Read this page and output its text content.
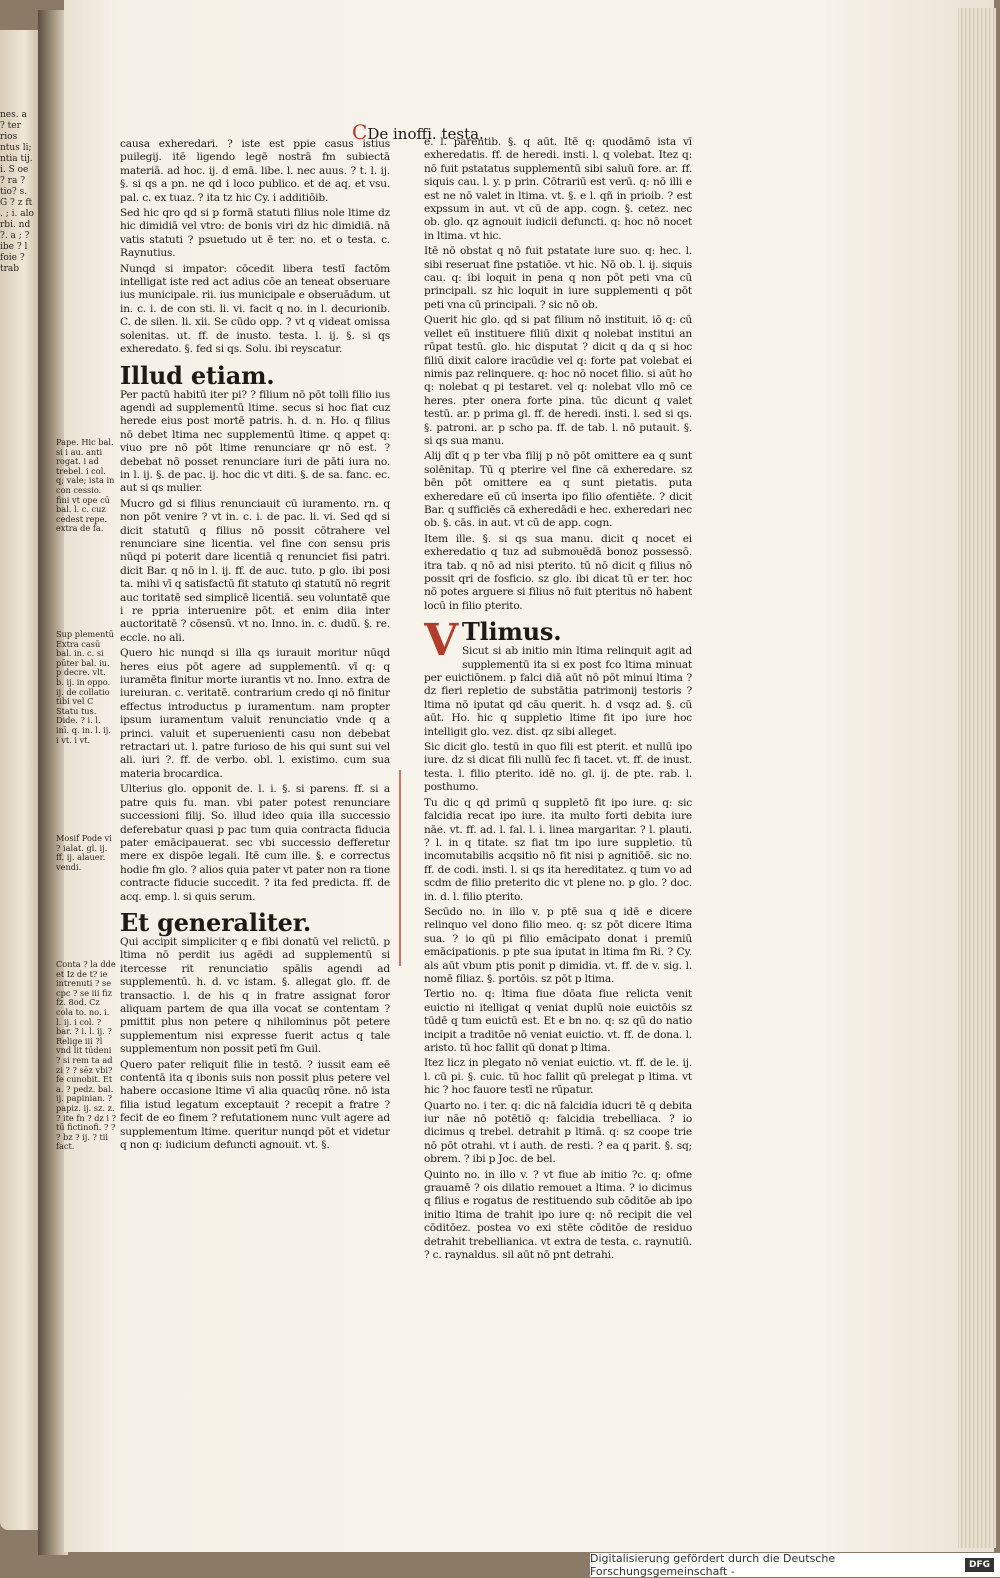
nes. a ? ter rios ntus li; ntia tij. i. S oe ? ra ? tio? s. G ? z ft . ; i. alo rbi. nd ?. a ; ? ibe ? l foie ? trab
CDe inoffi. testa.
Pape. Hic bal. si i au. anti rogat. i ad trebel. i col. q; vale; ista in con cessio. fini vt ope cū bal. l. c. cuz cedest repe. extra de fa.
Sup plementū Extra casū bal. in. c. si pūter bal. iu. p decre. vlt. b. ij. in oppo. ij. de collatio tibi vel C Statu tus. Dide. ? i. l. inī. q. in. l. ij. i vt. i vt.
Mosif Pode vi ? ialat. gl. ij. ff. ij. alauer. vendi.
Conta ? la dde et Iz de t? ie intrenuti ? se cpc ? se iii fiz fz. 8od. Cz cola to. no. i. l. ij. i col. ? bar. ? i. l. ij. ? Relige iii ?l vnd lit tūdeni ? si rem ta ad zi ? ? sēz vbi? fe cunobit. Et a. ? pedz. bal. ij. papinian. ? papiz. ij. sz. z. ? ite fn ? dz i ? tū fictinofi. ? ? ? bz ? ij. ? tii fact.

causa exheredari. ? iste est ppie casus istius puilegij. itē ligendo legē nostrā fm subiectā materiā. ad hoc. ij. d emā. libe. l. nec auus. ? t. l. ij. §. si qs a pn. ne qd i loco publico. et de aq. et vsu. pal. c. ex tuaz. ? ita tz hic Cy. i additiōib.

Sed hic qro qd si p formā statuti filius nole ltime dz hic dimidiā vel vtro: de bonis viri dz hic dimidiā. nā vatis statuti ? psuetudo ut ē ter. no. et o testa. c. Raynutius.

Nunqd si impator: cōcedit libera testī factōm intelligat iste red act adius cōe an teneat obseruare ius municipale. rii. ius municipale e obseruādum. ut in. c. i. de con sti. li. vi. facit q no. in l. decurionib. C. de silen. li. xii. Se cūdo opp. ? vt q videat omissa solenitas. ut. ff. de inusto. testa. l. ij. §. si qs exheredato. §. fed si qs. Solu. ibi reyscatur.

Illud etiam.

Per pactū habitū iter pi? ? filium nō pōt tolli filio ius agendi ad supplementū ltime. secus si hoc fiat cuz herede eius post mortē patris. h. d. n. Ho. q filius nō debet ltima nec supplementū ltime. q appet q: viuo pre nō pōt ltime renunciare qr nō est. ? debebat nō posset renunciare iuri de pāti iura no. in l. ij. §. de pac. ij. hoc dic vt diti. §. de sa. fanc. ec. aut si qs mulier.

Mucro gd si filius renunciauit cū iuramento. rn. q non pōt venire ? vt in. c. i. de pac. li. vi. Sed qd si dicit statutū q filius nō possit cōtrahere vel renunciare sine licentia. vel fine con sensu pris nūqd pi poterit dare licentiā q renunciet fisi patri. dicit Bar. q nō in l. ij. ff. de auc. tuto. p glo. ibi posi ta. mihi vī q satisfactū fit statuto qi statutū nō regrit auc toritatē sed simplicē licentiā. seu voluntatē que i re ppria interuenire pōt. et enim diia inter auctoritatē ? cōsensū. vt no. Inno. in. c. dudū. §. re. eccle. no ali.

Quero hic nunqd si illa qs iurauit moritur nūqd heres eius pōt agere ad supplementū. vī q: q iuramēta finitur morte iurantis vt no. Inno. extra de iureiuran. c. veritatē. contrarium credo qi nō finitur effectus introductus p iuramentum. nam propter ipsum iuramentum valuit renunciatio vnde q a princi. valuit et superuenienti casu non debebat retractari ut. l. patre furioso de his qui sunt sui vel ali. iuri ?. ff. de verbo. obl. l. existimo. cum sua materia brocardica.

Ulterius glo. opponit de. l. i. §. si parens. ff. si a patre quis fu. man. vbi pater potest renunciare successioni filij. So. illud ideo quia illa successio deferebatur quasi p pac tum quia contracta fiducia pater emācipauerat. sec vbi successio defferetur mere ex dispōe legali. Itē cum ille. §. e correctus hodie fm glo. ? alios quia pater vt pater non ra tione contracte fiducie succedit. ? ita fed predicta. ff. de acq. emp. l. si quis serum.

Et generaliter.

Qui accipit simpliciter q e fibi donatū vel relictū. p ltima nō perdit ius agēdi ad supplementū si itercesse rit renunciatio spālis agendi ad supplementū. h. d. vc istam. §. allegat glo. ff. de transactio. l. de his q in fratre assignat foror aliquam partem de qua illa vocat se contentam ? pmittit plus non petere q nihilominus pōt petere supplementum nisi expresse fuerit actus q tale supplementum non possit petī fm Guil.

Quero pater reliquit filie in testō. ? iussit eam eē contentā ita q ibonis suis non possit plus petere vel habere occasione ltime vī alia quacūq rōne. nō ista filia istud legatum exceptauit ? recepit a fratre ? fecit de eo finem ? refutationem nunc vult agere ad supplementum ltime. queritur nunqd pōt et videtur q non q: iudicium defuncti agnouit. vt. §.

e. l. parentib. §. q aūt. Itē q: quodāmō ista vī exheredatis. ff. de heredi. insti. l. q volebat. Itez q: nō fuit pstatatus supplementū sibi saluū fore. ar. ff. siquis cau. l. y. p prin. Cōtrariū est verū. q: nō illi e est ne nō valet in ltima. vt. §. e l. qñ in prioib. ? est expssum in aut. vt cū de app. cogn. §. cetez. nec ob. glo. qz agnouit iudicii defuncti. q: hoc nō nocet in ltima. vt hic.

Itē nō obstat q nō fuit pstatate iure suo. q: hec. l. sibi reseruat fine pstatiōe. vt hic. Nō ob. l. ij. siquis cau. q: ibi loquit in pena q non pōt peti vna cū principali. sz hic loquit in iure supplementi q pōt peti vna cū principali. ? sic nō ob.

Querit hic glo. qd si pat filium nō instituit. iō q: cū vellet eū instituere filiū dixit q nolebat institui an rūpat testū. glo. hic disputat ? dicit q da q si hoc filiū dixit calore iracūdie vel q: forte pat volebat ei nimis paz relinquere. q: hoc nō nocet filio. si aūt ho q: nolebat q pi testaret. vel q: nolebat vllo mō ce heres. pter onera forte pina. tūc dicunt q valet testū. ar. p prima gl. ff. de heredi. insti. l. sed si qs. §. patroni. ar. p scho pa. ff. de tab. l. nō putauit. §. si qs sua manu.

Alij dīt q p ter vba filij p nō pōt omittere ea q sunt solēnitap. Tū q pterire vel fine cā exheredare. sz bēn pōt omittere ea q sunt pietatis. puta exheredare eū cū inserta ipo filio ofentiēte. ? dicit Bar. q sufficiēs cā exheredādi e hec. exheredari nec ob. §. cās. in aut. vt cū de app. cogn.

Item ille. §. si qs sua manu. dicit q nocet ei exheredatio q tuz ad submouēdā bonoz possessō. itra tab. q nō ad nisi pterito. tū nō dicit q filius nō possit qri de fosficio. sz glo. ibi dicat tū er ter. hoc nō potes arguere si filius nō fuit pteritus nō habent locū in filio pterito.

V Tlimus.

Sicut si ab initio min ltima relinquit agit ad supplementū ita si ex post fco ltima minuat per euictiōnem. p falci diā aūt nō pōt minui ltima ? dz fieri repletio de substātia patrimonij testoris ? ltima nō iputat qd cāu querit. h. d vsqz ad. §. cū aūt. Ho. hic q suppletio ltime fit ipo iure hoc intelligit glo. vez. dist. qz sibi alleget.

Sic dicit glo. testū in quo fili est pterit. et nullū ipo iure. dz si dicat fili nullū fec fi tacet. vt. ff. de inust. testa. l. filio pterito. idē no. gl. ij. de pte. rab. l. posthumo.

Tu dic q qd primū q suppletō fit ipo iure. q: sic falcidia recat ipo iure. ita multo forti debita iure nāe. vt. ff. ad. l. fal. l. i. linea margaritar. ? l. plauti. ? l. in q titate. sz fiat tm ipo iure suppletio. tū incomutabilis acqsitio nō fit nisi p agnitiōē. sic no. ff. de codi. insti. l. si qs ita hereditatez. q tum vo ad scdm de filio preterito dic vt plene no. p glo. ? doc. in. d. l. filio pterito.

Secūdo no. in illo v. p ptē sua q idē e dicere relinquo vel dono filio meo. q: sz pōt dicere ltima sua. ? io qū pi filio emācipato donat i premiū emācipationis. p pte sua iputat in ltima fm Ri. ? Cy. als aūt vbum ptis ponit p dimidia. vt. ff. de v. sig. l. nomē filiaz. §. portōis. sz pōt p ltima.

Tertio no. q: ltima fiue dōata fiue relicta venit euictio ni itelligat q veniat duplū noie euictōis sz tūdē q tum euictū est. Et e bn no. q: sz qū do natio incipit a traditōe nō veniat euictio. vt. ff. de dona. l. aristo. tū hoc fallit qū donat p ltima.

Itez licz in plegato nō veniat euictio. vt. ff. de le. ij. l. cū pi. §. cuic. tū hoc fallit qū prelegat p ltima. vt hic ? hoc fauore testī ne rūpatur.

Quarto no. i ter. q: dic nā falcidia iducri tē q debita iur nāe nō potētiō q: falcidia trebelliaca. ? io dicimus q trebel. detrahit p ltimā. q: sz coope trie nō pōt otrahi. vt i auth. de resti. ? ea q parit. §. sq; obrem. ? ibi p Joc. de bel.

Quinto no. in illo v. ? vt fiue ab initio ?c. q: ofme grauamē ? ois dilatio remouet a ltima. ? io dicimus q filius e rogatus de restituendo sub cōditōe ab ipo initio ltima de trahit ipo iure q: nō recipit die vel cōditōez. postea vo exi stēte cōditōe de residuo detrahit trebellianica. vt extra de testa. c. raynutiū. ? c. raynaldus. sil aūt nō pnt detrahi.

Digitalisierung gefördert durch die Deutsche Forschungsgemeinschaft -	DFG
